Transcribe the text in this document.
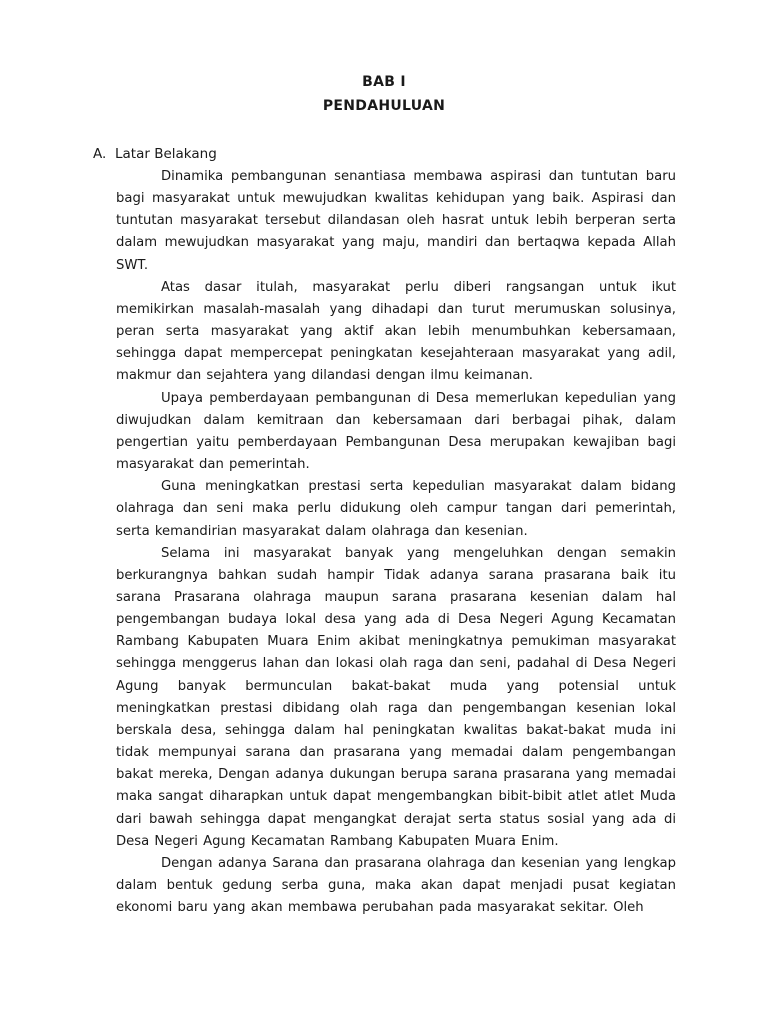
BAB I
PENDAHULUAN
A. Latar Belakang

Dinamika pembangunan senantiasa membawa aspirasi dan tuntutan baru bagi masyarakat untuk mewujudkan kwalitas kehidupan yang baik. Aspirasi dan tuntutan masyarakat tersebut dilandasan oleh hasrat untuk lebih berperan serta dalam mewujudkan masyarakat yang maju, mandiri dan bertaqwa kepada Allah SWT.

Atas dasar itulah, masyarakat perlu diberi rangsangan untuk ikut memikirkan masalah-masalah yang dihadapi dan turut merumuskan solusinya, peran serta masyarakat yang aktif akan lebih menumbuhkan kebersamaan, sehingga dapat mempercepat peningkatan kesejahteraan masyarakat yang adil, makmur dan sejahtera yang dilandasi dengan ilmu keimanan.

Upaya pemberdayaan pembangunan di Desa memerlukan kepedulian yang diwujudkan dalam kemitraan dan kebersamaan dari berbagai pihak, dalam pengertian yaitu pemberdayaan Pembangunan Desa merupakan kewajiban bagi masyarakat dan pemerintah.

Guna meningkatkan prestasi serta kepedulian masyarakat dalam bidang olahraga dan seni maka perlu didukung oleh campur tangan dari pemerintah, serta kemandirian masyarakat dalam olahraga dan kesenian.

Selama ini masyarakat banyak yang mengeluhkan dengan semakin berkurangnya bahkan sudah hampir Tidak adanya sarana prasarana baik itu sarana Prasarana olahraga maupun sarana prasarana kesenian dalam hal pengembangan budaya lokal desa yang ada di Desa Negeri Agung Kecamatan Rambang Kabupaten Muara Enim akibat meningkatnya pemukiman masyarakat sehingga menggerus lahan dan lokasi olah raga dan seni, padahal di Desa Negeri Agung banyak bermunculan bakat-bakat muda yang potensial untuk meningkatkan prestasi dibidang olah raga dan pengembangan kesenian lokal berskala desa, sehingga dalam hal peningkatan kwalitas bakat-bakat muda ini tidak mempunyai sarana dan prasarana yang memadai dalam pengembangan bakat mereka, Dengan adanya dukungan berupa sarana prasarana yang memadai maka sangat diharapkan untuk dapat mengembangkan bibit-bibit atlet atlet Muda dari bawah sehingga dapat mengangkat derajat serta status sosial yang ada di Desa Negeri Agung Kecamatan Rambang Kabupaten Muara Enim.

Dengan adanya Sarana dan prasarana olahraga dan kesenian yang lengkap dalam bentuk gedung serba guna, maka akan dapat menjadi pusat kegiatan ekonomi baru yang akan membawa perubahan pada masyarakat sekitar. Oleh
